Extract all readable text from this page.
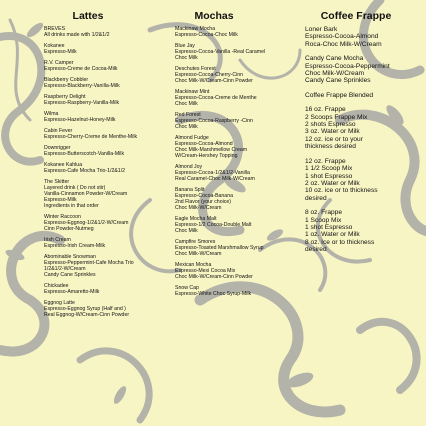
Lattes
BREVES
All drinks made with 1/2&1/2
Kokanee
Espresso-Milk
R.V. Camper
Espresso-Creme de Cocoa-Milk
Blackberry Cobbler
Espresso-Blackberry-Vanilla-Milk
Raspberry Delight
Espresso-Raspberry-Vanilla-Milk
Wilma
Espresso-Hazelnut-Honey-Milk
Cabin Fever
Espresso-Cherry-Creme de Menthe-Milk
Downrigger
Espresso-Butterscotch-Vanilla-Milk
Kokanee Kahlua
Espresso-Cafe Mocha Trio-1/2&1/2
The Skitter
Layered drink ( Do not stir)
Vanilla-Cinnamon Powder-W/Cream
Espresso-Milk
Ingredients in that order
Winter Raccoon
Espresso-Eggnog-1/2&1/2-W/Cream
Cinn Powder-Nutmeg
Irish Cream
Espresso-Irish Cream-Milk
Abominable Snowman
Espresso-Peppermint-Cafe Mocha Trio
1/2&1/2-W/Cream
Candy Cane Sprinkles
Chickadee
Espresso-Amaretto-Milk
Eggnog Latte
Espresso-Eggnog Syrup (Half and )
Real Eggnog-W/Cream-Cinn Powder
Mochas
Mackinaw Mocha
Espresso-Cocoa-Choc Milk
Blue Jay
Espresso-Cocoa-Vanilla -Real Caramel
Choc Milk
Deschutes Forest
Espresso-Cocoa-Cherry-Cinn
Choc Milk-W/Cream-Cinn Powder
Mackinaw Mint
Espresso-Cocoa-Creme de Menthe
Choc Milk
Red Forest
Espresso-Cocoa-Raspberry -Cinn
Choc Milk
Almond Fudge
Espresso-Cocoa-Almond
Choc Milk-Marshmellow Cream
W/Cream-Hershey Topping
Almond Joy
Espresso-Cocoa-1/2&1/2-Vanilla
Real Caramel-Choc Milk-W/Cream
Banana Split
Espresso-Cocoa-Banana
2nd Flavor (your choice)
Choc Milk-W/Cream
Eagle Mocha Malt
Espresso-1/2 Cocoa-Double Malt
Choc Milk
Campfire Smores
Espresso-Toasted Marshmallow Syrup
Choc Milk-W/Cream
Mexican Mocha
Espresso-Mexi Cocoa Mix
Choc Milk-W/Cream-Cinn Powder
Snow Cap
Espresso-White Choc Syrup-Milk
Coffee Frappe
Loner Bark
Espresso-Cocoa-Almond
Roca-Choc Milk-W/Cream
Candy Cane Mocha
Espresso-Cocoa-Peppermint
Choc Milk-W/Cream
Candy Cane Sprinkles
Coffee Frappe Blended
16 oz. Frappe
2 Scoops Frappe Mix
2 shots Espresso
3 oz. Water or Milk
12 oz. ice or to your
thickness desired
12 oz. Frappe
1 1/2 Scoop Mix
1 shot Espresso
2 oz. Water or Milk
10 oz. ice or to thickness
desired
8 oz. Frappe
1 Scoop Mix
1 shot Espresso
1 oz. Water or Milk
8 oz. Ice or to thickness
desired
